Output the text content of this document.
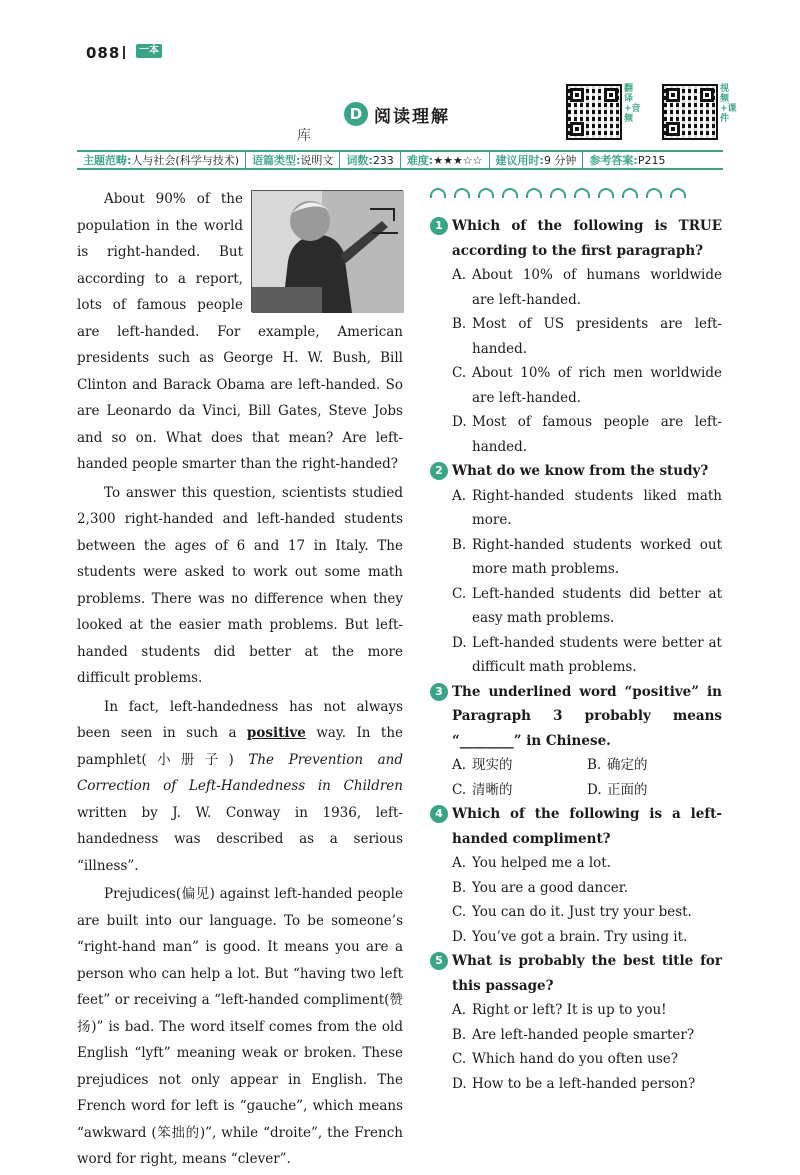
088	一本
D 阅读理解
库
翻译+音频
视频+课件
主题范畴: 人与社会(科学与技术) 语篇类型: 说明文 词数: 233 难度: ★★★☆☆ 建议用时: 9 分钟 参考答案: P215

About 90% of the population in the world is right-handed. But according to a report, lots of famous people are left-handed. For example, American presidents such as George H. W. Bush, Bill Clinton and Barack Obama are left-handed. So are Leonardo da Vinci, Bill Gates, Steve Jobs and so on. What does that mean? Are left-handed people smarter than the right-handed?

To answer this question, scientists studied 2,300 right-handed and left-handed students between the ages of 6 and 17 in Italy. The students were asked to work out some math problems. There was no difference when they looked at the easier math problems. But left-handed students did better at the more difficult problems.

In fact, left-handedness has not always been seen in such a positive way. In the pamphlet(小册子) The Prevention and Correction of Left-Handedness in Children written by J. W. Conway in 1936, left-handedness was described as a serious “illness”.

Prejudices(偏见) against left-handed people are built into our language. To be someone’s “right-hand man” is good. It means you are a person who can help a lot. But “having two left feet” or receiving a “left-handed compliment(赞扬)” is bad. The word itself comes from the old English “lyft” meaning weak or broken. These prejudices not only appear in English. The French word for left is “gauche”, which means “awkward (笨拙的)”, while “droite”, the French word for right, means “clever”.

1 Which of the following is TRUE according to the first paragraph?
A. About 10% of humans worldwide are left-handed.
B. Most of US presidents are left-handed.
C. About 10% of rich men worldwide are left-handed.
D. Most of famous people are left-handed.
2 What do we know from the study?
A. Right-handed students liked math more.
B. Right-handed students worked out more math problems.
C. Left-handed students did better at easy math problems.
D. Left-handed students were better at difficult math problems.
3 The underlined word “positive” in Paragraph 3 probably means “________” in Chinese.
A. 现实的	B. 确定的
C. 清晰的	D. 正面的
4 Which of the following is a left-handed compliment?
A. You helped me a lot.
B. You are a good dancer.
C. You can do it. Just try your best.
D. You’ve got a brain. Try using it.
5 What is probably the best title for this passage?
A. Right or left? It is up to you!
B. Are left-handed people smarter?
C. Which hand do you often use?
D. How to be a left-handed person?
